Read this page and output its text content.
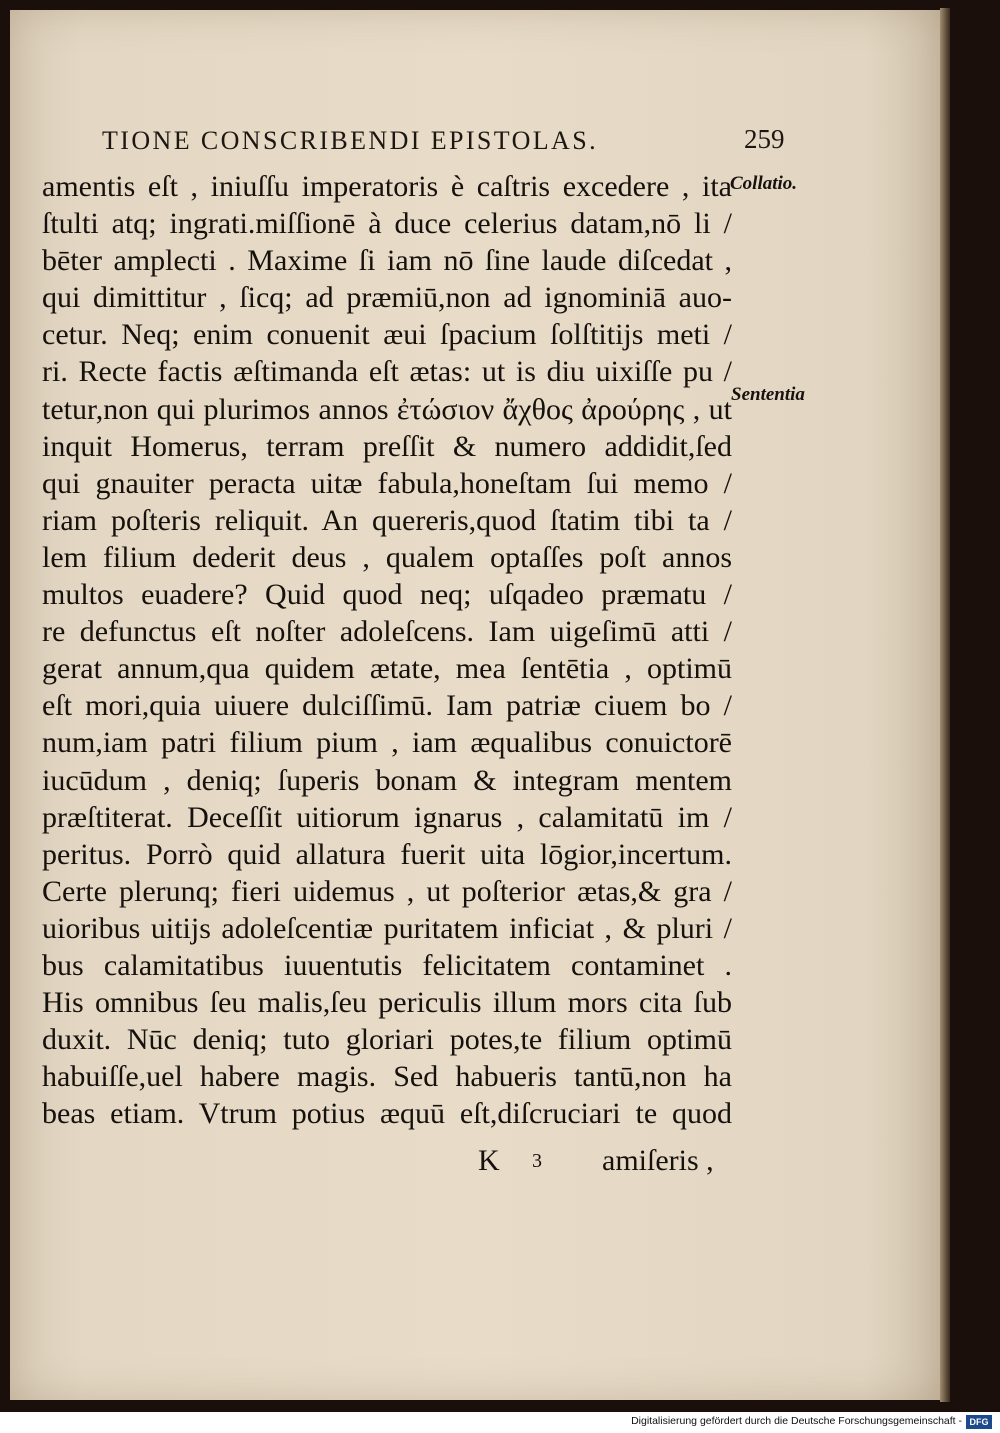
TIONE CONSCRIBENDI EPISTOLAS.	259
amentis eſt , iniuſſu imperatoris è caſtris excedere , ita
ſtulti atq; ingrati.miſſionē à duce celerius datam,nō li /
bēter amplecti . Maxime ſi iam nō ſine laude diſcedat ,
qui dimittitur , ſicq; ad præmiū,non ad ignominiā auo-
cetur. Neq; enim conuenit æui ſpacium ſolſtitijs meti /
ri. Recte factis æſtimanda eſt ætas: ut is diu uixiſſe pu /
tetur,non qui plurimos annos ἐτώσιον ἄχθος ἀρούρης , ut
inquit Homerus, terram preſſit & numero addidit,ſed
qui gnauiter peracta uitæ fabula,honeſtam ſui memo /
riam poſteris reliquit. An quereris,quod ſtatim tibi ta /
lem filium dederit deus , qualem optaſſes poſt annos
multos euadere? Quid quod neq; uſqadeo præmatu /
re defunctus eſt noſter adoleſcens. Iam uigeſimū atti /
gerat annum,qua quidem ætate, mea ſentētia , optimū
eſt mori,quia uiuere dulciſſimū. Iam patriæ ciuem bo /
num,iam patri filium pium , iam æqualibus conuictorē
iucūdum , deniq; ſuperis bonam & integram mentem
præſtiterat. Deceſſit uitiorum ignarus , calamitatū im /
peritus. Porrò quid allatura fuerit uita lōgior,incertum.
Certe plerunq; fieri uidemus , ut poſterior ætas,& gra /
uioribus uitijs adoleſcentiæ puritatem inficiat , & pluri /
bus calamitatibus iuuentutis felicitatem contaminet .
His omnibus ſeu malis,ſeu periculis illum mors cita ſub
duxit. Nūc deniq; tuto gloriari potes,te filium optimū
habuiſſe,uel habere magis. Sed habueris tantū,non ha
beas etiam. Vtrum potius æquū eſt,diſcruciari te quod
Collatio.
Sententia
K 3 amiſeris ,
Digitalisierung gefördert durch die Deutsche Forschungsgemeinschaft - DFG
